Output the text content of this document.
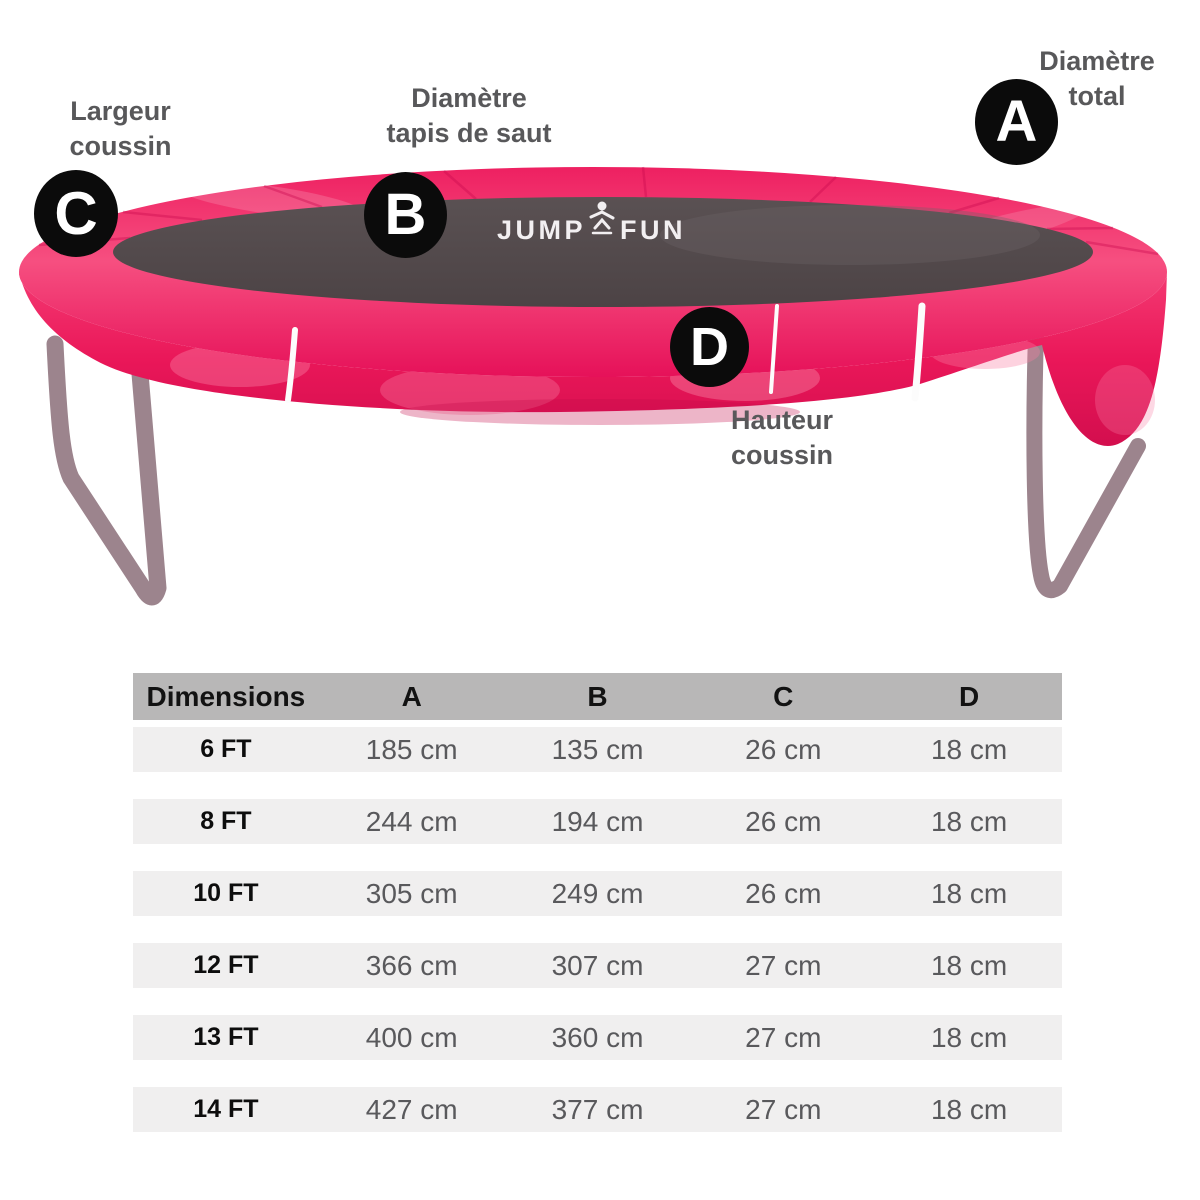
JUMP FUN
Diamètre
total
Diamètre
tapis de saut
Largeur
coussin
Hauteur
coussin
A
B
C
D
Dimensions	A	B	C	D
6 FT	185 cm	135 cm	26 cm	18 cm
8 FT	244 cm	194 cm	26 cm	18 cm
10 FT	305 cm	249 cm	26 cm	18 cm
12 FT	366 cm	307 cm	27 cm	18 cm
13 FT	400 cm	360 cm	27 cm	18 cm
14 FT	427 cm	377 cm	27 cm	18 cm
